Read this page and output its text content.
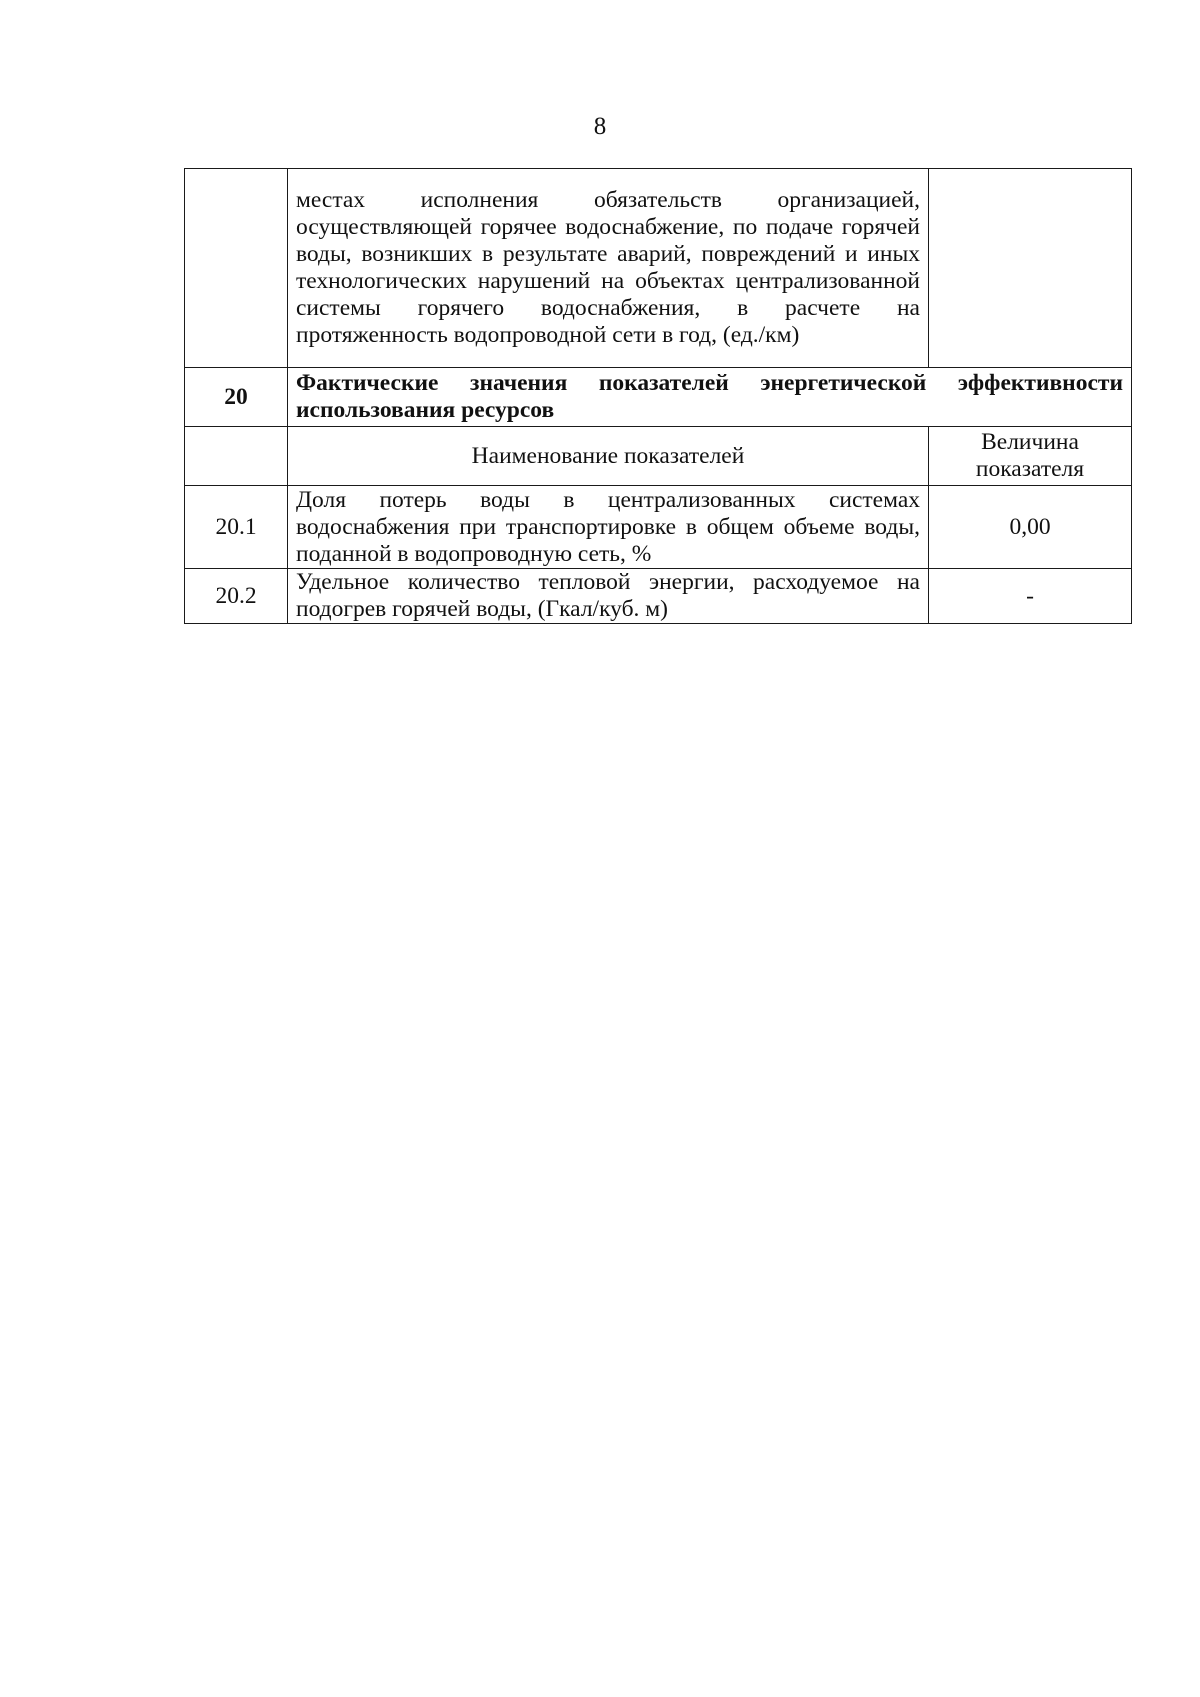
8
	местах исполнения обязательств организацией, осуществляющей горячее водоснабжение, по подаче горячей воды, возникших в результате аварий, повреждений и иных технологических нарушений на объектах централизованной системы горячего водоснабжения, в расчете на протяженность водопроводной сети в год, (ед./км)	
20	Фактические значения показателей энергетической эффективности использования ресурсов	
	Наименование показателей	Величина показателя
20.1	Доля потерь воды в централизованных системах водоснабжения при транспортировке в общем объеме воды, поданной в водопроводную сеть, %	0,00
20.2	Удельное количество тепловой энергии, расходуемое на подогрев горячей воды, (Гкал/куб. м)	-
